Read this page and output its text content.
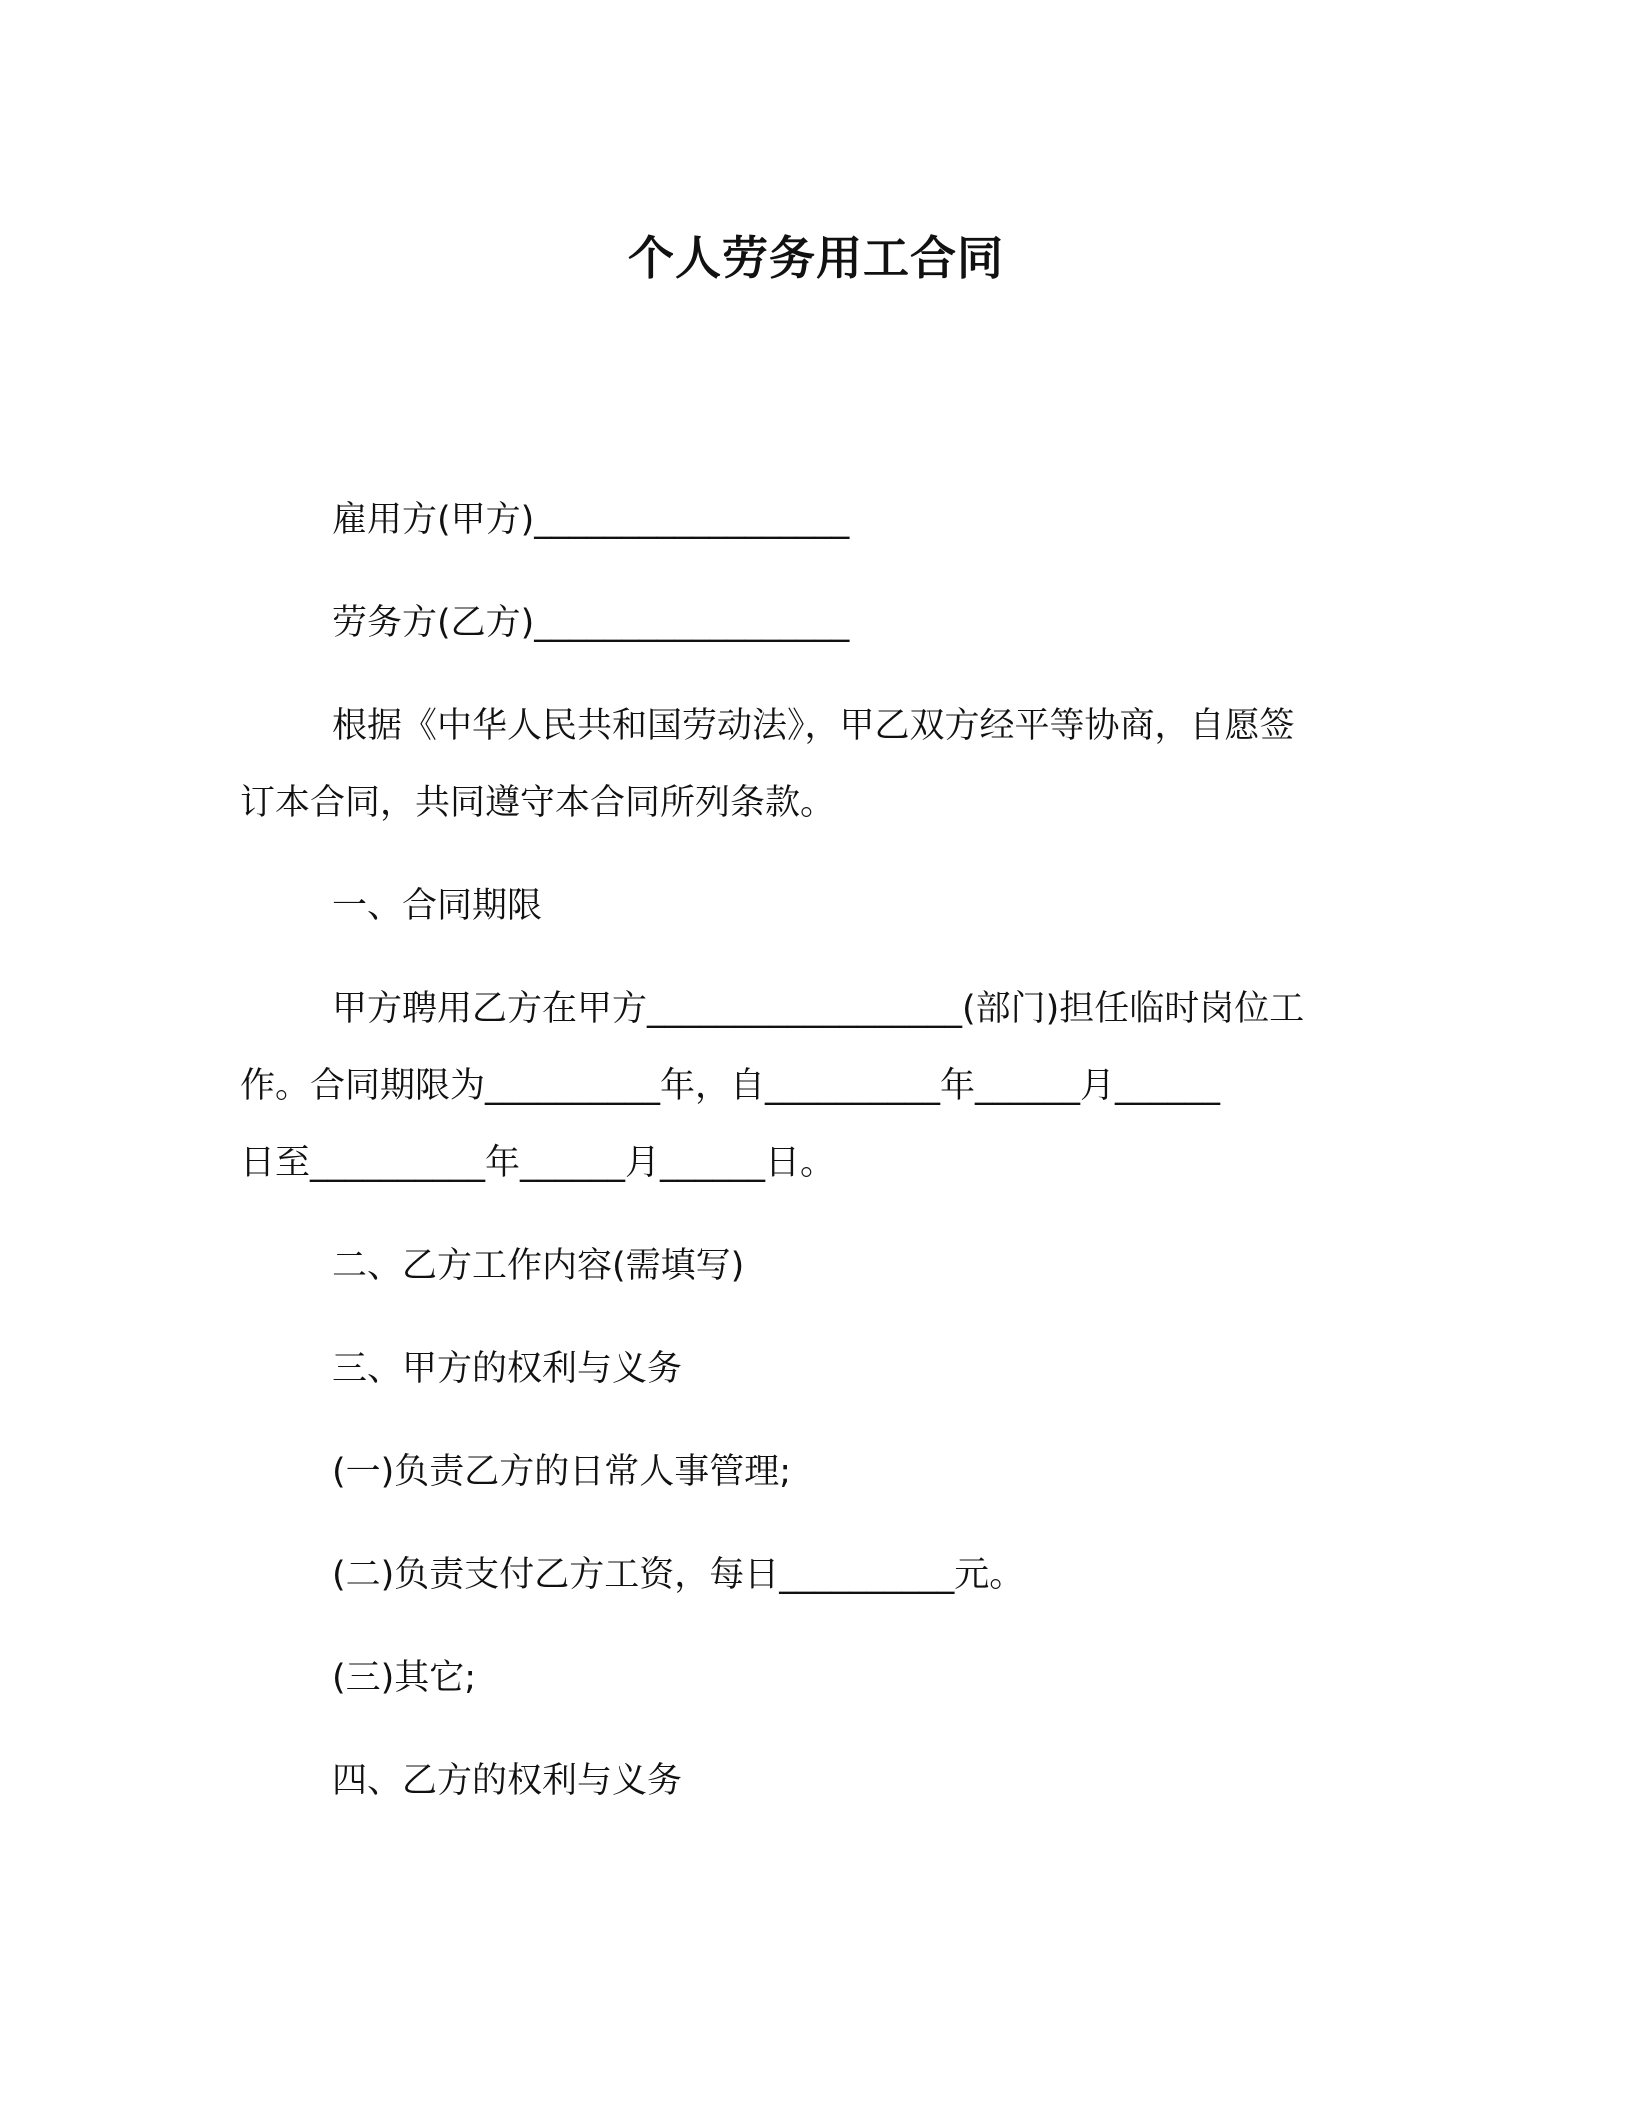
个人劳务用工合同
雇用方(甲方)__________________
劳务方(乙方)__________________
根据《中华人民共和国劳动法》，甲乙双方经平等协商，自愿签
订本合同，共同遵守本合同所列条款。
一、合同期限
甲方聘用乙方在甲方__________________(部门)担任临时岗位工
作。合同期限为__________年，自__________年______月______
日至__________年______月______日。
二、乙方工作内容(需填写)
三、甲方的权利与义务
(一)负责乙方的日常人事管理;
(二)负责支付乙方工资，每日__________元。
(三)其它;
四、乙方的权利与义务
